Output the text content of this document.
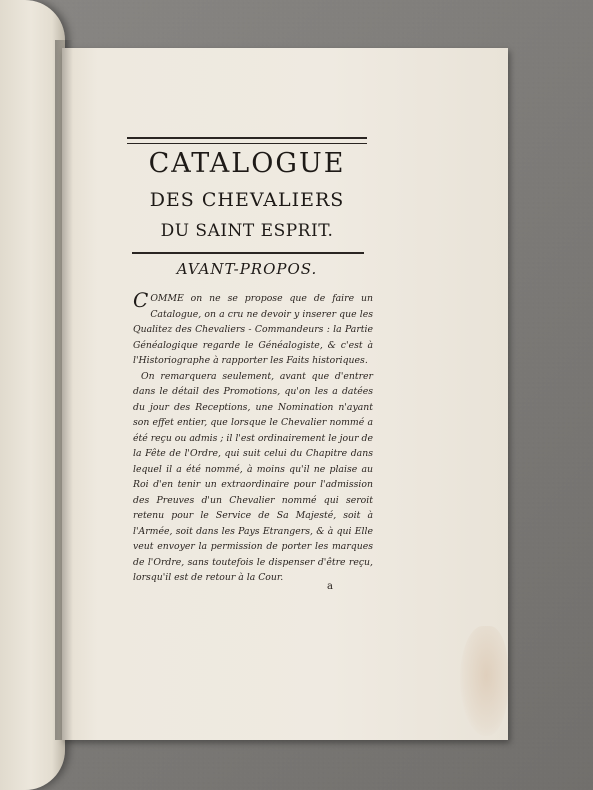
CATALOGUE
DES CHEVALIERS
DU SAINT ESPRIT.
AVANT-PROPOS.

COMME on ne se propose que de faire un Catalogue, on a cru ne devoir y inserer que les Qualitez des Chevaliers - Commandeurs : la Partie Généalogique regarde le Généalogiste, & c'est à l'Historiographe à rapporter les Faits historiques.

On remarquera seulement, avant que d'entrer dans le détail des Promotions, qu'on les a datées du jour des Receptions, une Nomination n'ayant son effet entier, que lorsque le Chevalier nommé a été reçu ou admis ; il l'est ordinairement le jour de la Fête de l'Ordre, qui suit celui du Chapitre dans lequel il a été nommé, à moins qu'il ne plaise au Roi d'en tenir un extraordinaire pour l'admission des Preuves d'un Chevalier nommé qui seroit retenu pour le Service de Sa Majesté, soit à l'Armée, soit dans les Pays Etrangers, & à qui Elle veut envoyer la permission de porter les marques de l'Ordre, sans toutefois le dispenser d'être reçu, lorsqu'il est de retour à la Cour.

a
